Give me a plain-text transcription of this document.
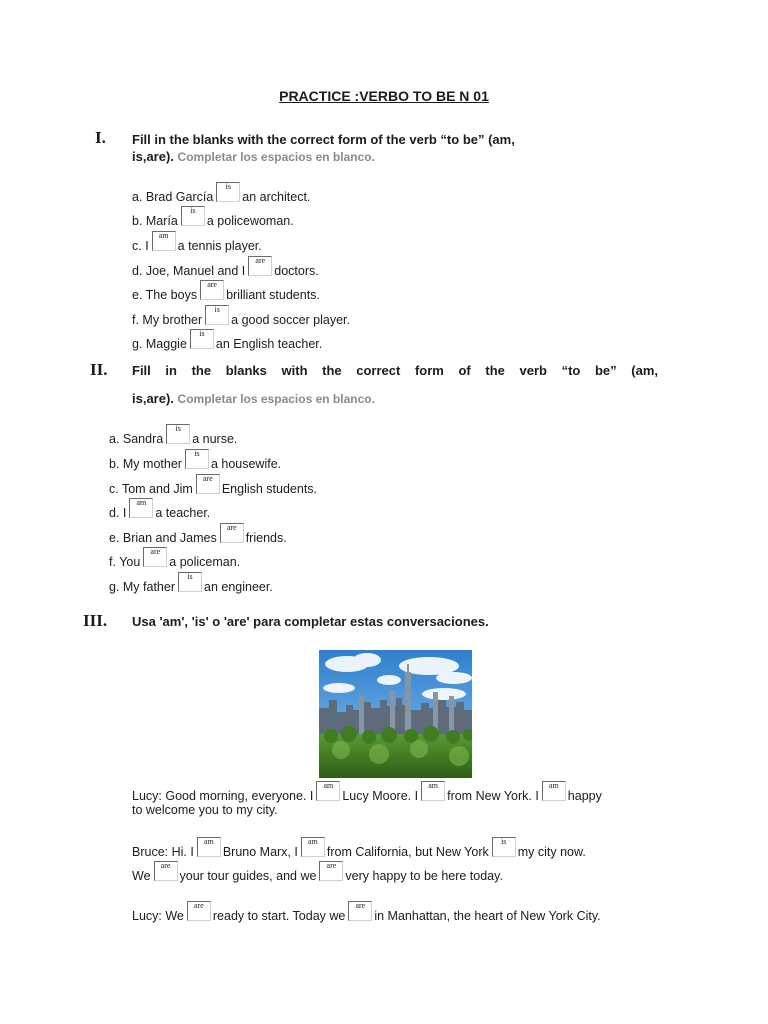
PRACTICE :VERBO TO BE N 01
I. Fill in the blanks with the correct form of the verb “to be” (am,
is,are). Completar los espacios en blanco.
a. Brad García
is
an architect.
b. María
is
a policewoman.
c. I
am
a tennis player.
d. Joe, Manuel and I
are
doctors.
e. The boys
are
brilliant students.
f. My brother
is
a good soccer player.
g. Maggie
is
an English teacher.
II. Fill in the blanks with the correct form of the verb “to be” (am,
is,are). Completar los espacios en blanco.
a. Sandra
is
a nurse.
b. My mother
is
a housewife.
c. Tom and Jim
are
English students.
d. I
am
a teacher.
e. Brian and James
are
friends.
f. You
are
a policeman.
g. My father
is
an engineer.
III. Usa 'am', 'is' o 'are' para completar estas conversaciones.
Lucy: Good morning, everyone. I
am
Lucy Moore. I
am
from New York. I
am
happy
to welcome you to my city.
Bruce: Hi. I
am
Bruno Marx, I
am
from California, but New York
is
my city now.
We
are
your tour guides, and we
are
very happy to be here today.
Lucy: We
are
ready to start. Today we
are
in Manhattan, the heart of New York City.
